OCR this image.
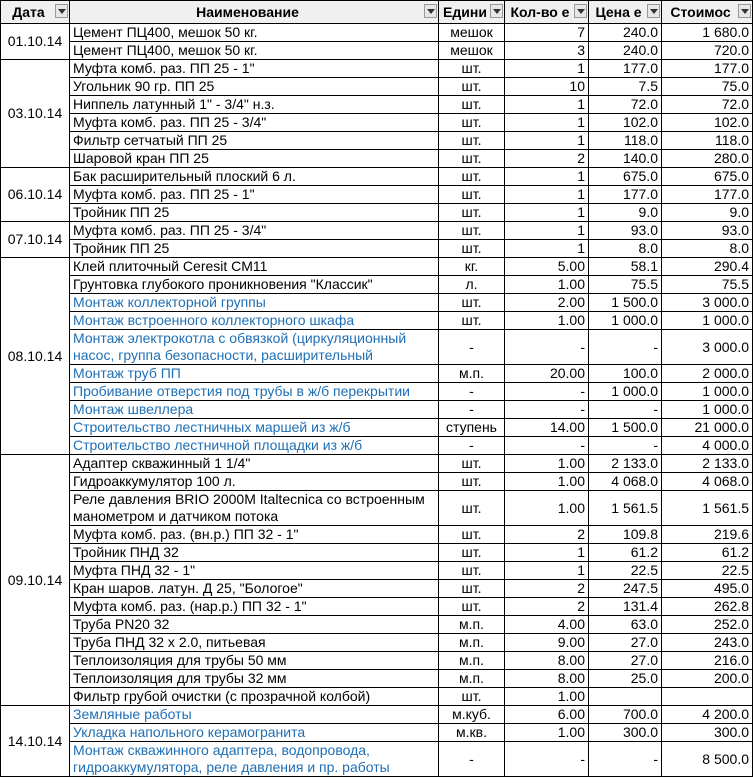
Дата	Наименование	Едини	Кол-во е	Цена е	Стоимос

01.10.14	Цемент ПЦ400, мешок 50 кг.	мешок	7	240.0	1 680.0
	Цемент ПЦ400, мешок 50 кг.	мешок	3	240.0	720.0
03.10.14	Муфта комб. раз. ПП 25 - 1"	шт.	1	177.0	177.0
	Угольник 90 гр. ПП 25	шт.	10	7.5	75.0
	Ниппель латунный 1" - 3/4" н.з.	шт.	1	72.0	72.0
	Муфта комб. раз. ПП 25 - 3/4"	шт.	1	102.0	102.0
	Фильтр сетчатый ПП 25	шт.	1	118.0	118.0
	Шаровой кран ПП 25	шт.	2	140.0	280.0
06.10.14	Бак расширительный плоский 6 л.	шт.	1	675.0	675.0
	Муфта комб. раз. ПП 25 - 1"	шт.	1	177.0	177.0
	Тройник ПП 25	шт.	1	9.0	9.0
07.10.14	Муфта комб. раз. ПП 25 - 3/4"	шт.	1	93.0	93.0
	Тройник ПП 25	шт.	1	8.0	8.0
08.10.14	Клей плиточный Ceresit CM11	кг.	5.00	58.1	290.4
	Грунтовка глубокого проникновения "Классик"	л.	1.00	75.5	75.5
	Монтаж коллекторной группы	шт.	2.00	1 500.0	3 000.0
	Монтаж встроенного коллекторного шкафа	шт.	1.00	1 000.0	1 000.0
	Монтаж электрокотла с обвязкой (циркуляционный насос, группа безопасности, расширительный	-	-	-	3 000.0
	Монтаж труб ПП	м.п.	20.00	100.0	2 000.0
	Пробивание отверстия под трубы в ж/б перекрытии	-	-	1 000.0	1 000.0
	Монтаж швеллера	-	-	-	1 000.0
	Строительство лестничных маршей из ж/б	ступень	14.00	1 500.0	21 000.0
	Строительство лестничной площадки из ж/б	-	-	-	4 000.0
09.10.14	Адаптер скважинный 1 1/4"	шт.	1.00	2 133.0	2 133.0
	Гидроаккумулятор 100 л.	шт.	1.00	4 068.0	4 068.0
	Реле давления BRIO 2000M Italtecnica со встроенным манометром и датчиком потока	шт.	1.00	1 561.5	1 561.5
	Муфта комб. раз. (вн.р.) ПП 32 - 1"	шт.	2	109.8	219.6
	Тройник ПНД 32	шт.	1	61.2	61.2
	Муфта ПНД 32 - 1"	шт.	1	22.5	22.5
	Кран шаров. латун. Д 25, "Бологое"	шт.	2	247.5	495.0
	Муфта комб. раз. (нар.р.) ПП 32 - 1"	шт.	2	131.4	262.8
	Труба PN20 32	м.п.	4.00	63.0	252.0
	Труба ПНД 32 х 2.0, питьевая	м.п.	9.00	27.0	243.0
	Теплоизоляция для трубы 50 мм	м.п.	8.00	27.0	216.0
	Теплоизоляция для трубы 32 мм	м.п.	8.00	25.0	200.0
	Фильтр грубой очистки (с прозрачной колбой)	шт.	1.00		
14.10.14	Земляные работы	м.куб.	6.00	700.0	4 200.0
	Укладка напольного керамогранита	м.кв.	1.00	300.0	300.0
	Монтаж скважинного адаптера, водопровода, гидроаккумулятора, реле давления и пр. работы	-	-	-	8 500.0
